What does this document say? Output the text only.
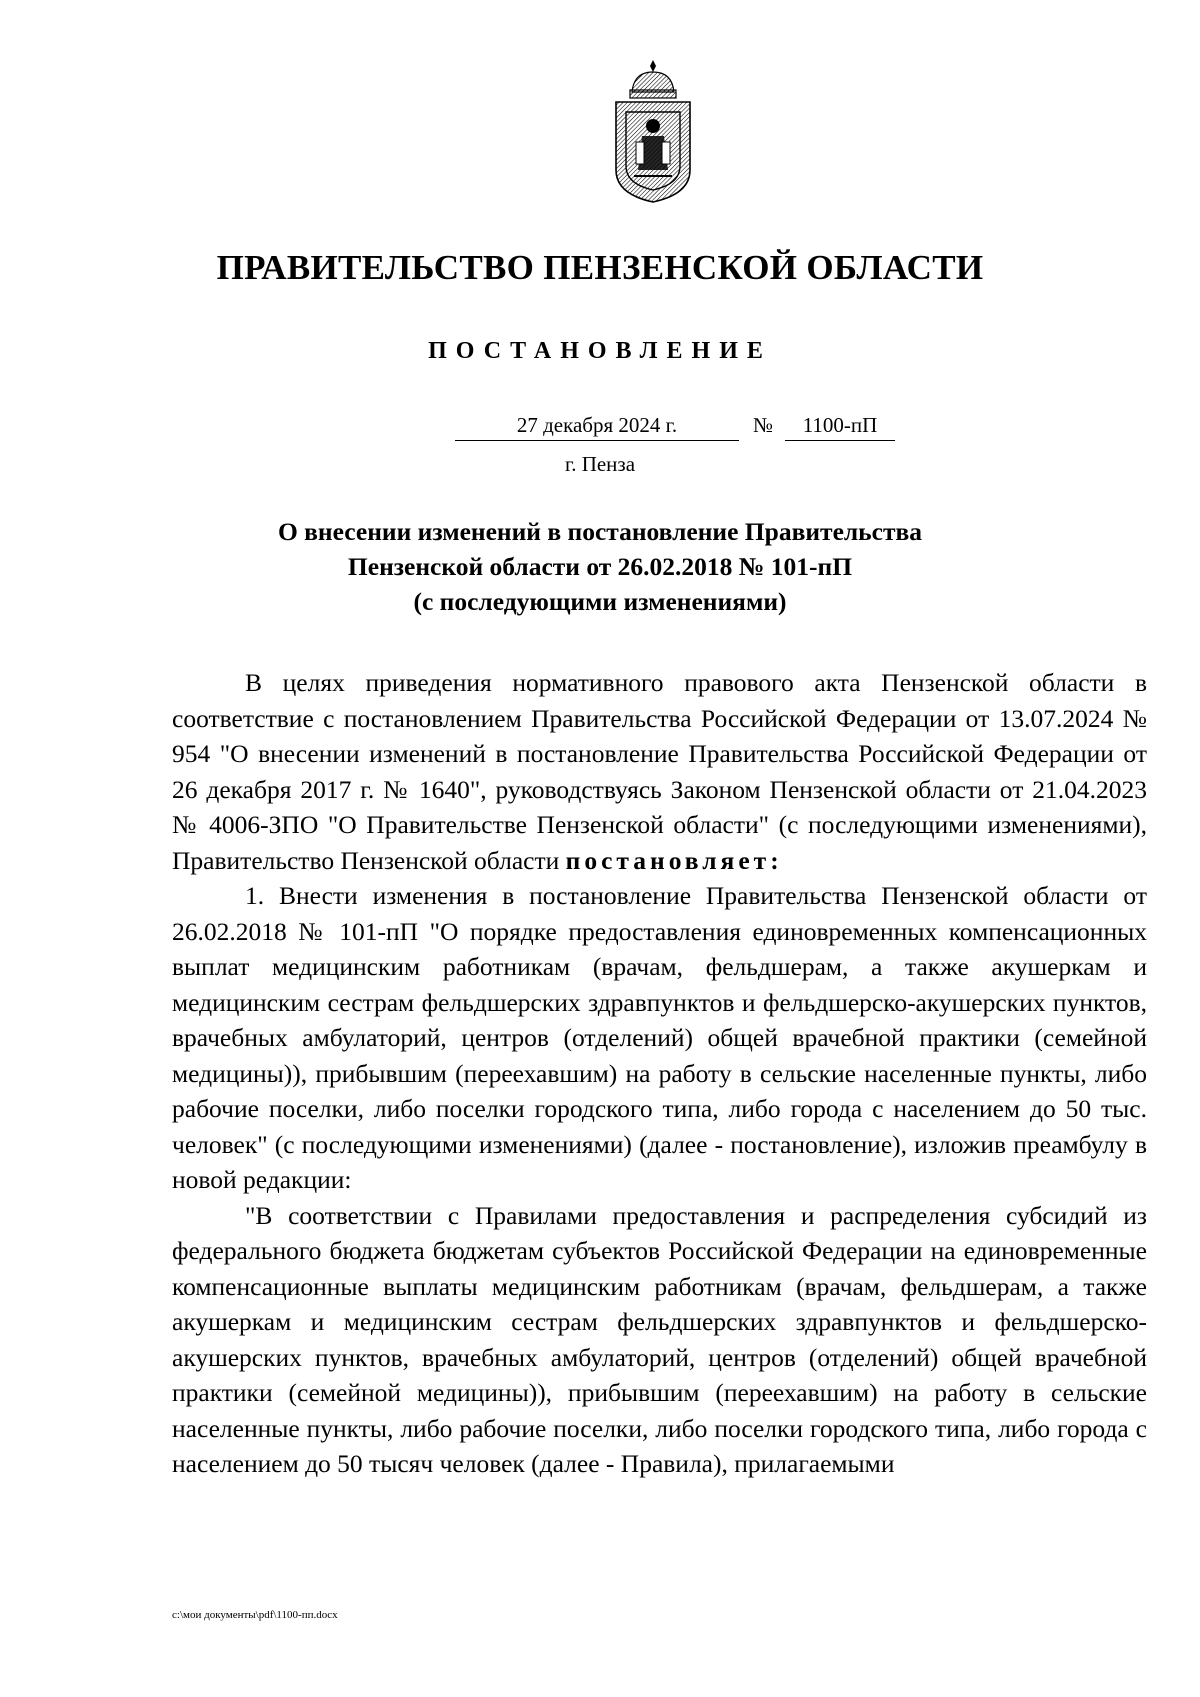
ПРАВИТЕЛЬСТВО ПЕНЗЕНСКОЙ ОБЛАСТИ
ПОСТАНОВЛЕНИЕ
27 декабря 2024 г.	№	1100-пП
г. Пенза
О внесении изменений в постановление Правительства
Пензенской области от 26.02.2018 № 101-пП
(с последующими изменениями)

В целях приведения нормативного правового акта Пензенской области в соответствие с постановлением Правительства Российской Федерации от 13.07.2024 № 954 "О внесении изменений в постановление Правительства Российской Федерации от 26 декабря 2017 г. № 1640", руководствуясь Законом Пензенской области от 21.04.2023 № 4006-ЗПО "О Правительстве Пензенской области" (с последующими изменениями), Правительство Пензенской области постановляет:

1. Внести изменения в постановление Правительства Пензенской области от 26.02.2018 № 101-пП "О порядке предоставления единовременных компенсационных выплат медицинским работникам (врачам, фельдшерам, а также акушеркам и медицинским сестрам фельдшерских здравпунктов и фельдшерско-акушерских пунктов, врачебных амбулаторий, центров (отделений) общей врачебной практики (семейной медицины)), прибывшим (переехавшим) на работу в сельские населенные пункты, либо рабочие поселки, либо поселки городского типа, либо города с населением до 50 тыс. человек" (с последующими изменениями) (далее - постановление), изложив преамбулу в новой редакции:

"В соответствии с Правилами предоставления и распределения субсидий из федерального бюджета бюджетам субъектов Российской Федерации на единовременные компенсационные выплаты медицинским работникам (врачам, фельдшерам, а также акушеркам и медицинским сестрам фельдшерских здравпунктов и фельдшерско-акушерских пунктов, врачебных амбулаторий, центров (отделений) общей врачебной практики (семейной медицины)), прибывшим (переехавшим) на работу в сельские населенные пункты, либо рабочие поселки, либо поселки городского типа, либо города с населением до 50 тысяч человек (далее - Правила), прилагаемыми

c:\мои документы\pdf\1100-пп.docx
